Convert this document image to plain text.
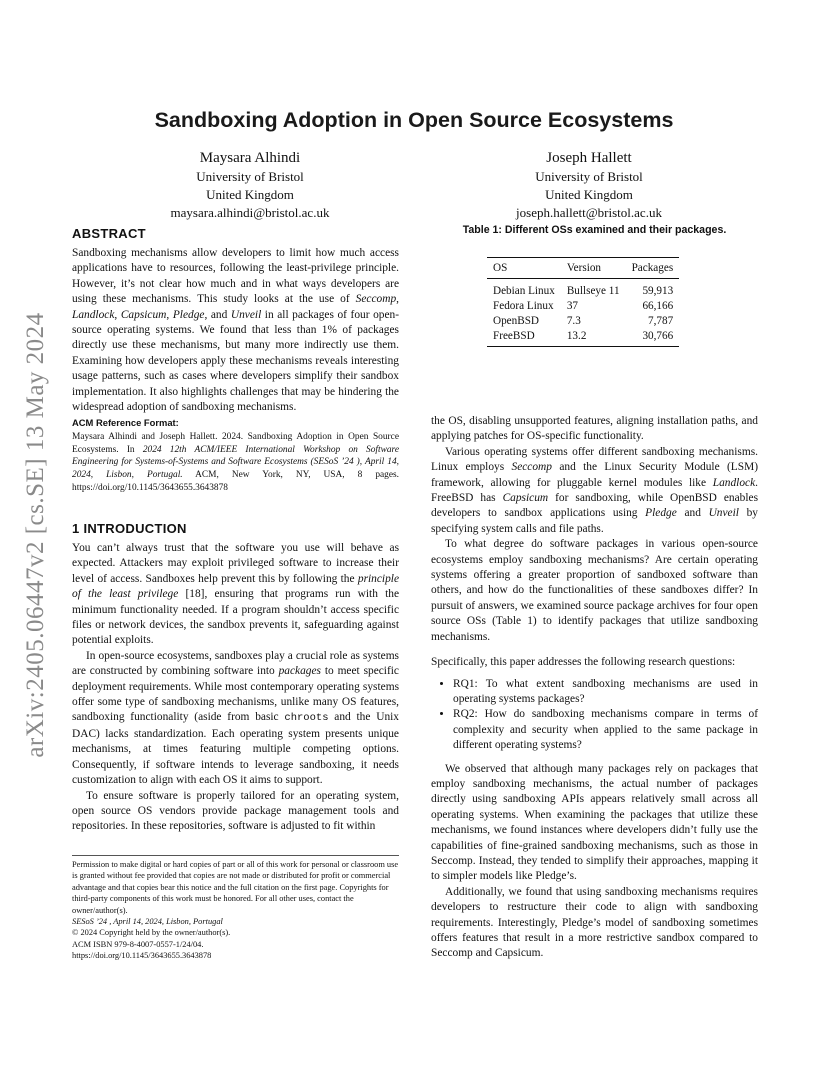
arXiv:2405.06447v2 [cs.SE] 13 May 2024
Sandboxing Adoption in Open Source Ecosystems
Maysara Alhindi
University of Bristol
United Kingdom
maysara.alhindi@bristol.ac.uk
Joseph Hallett
University of Bristol
United Kingdom
joseph.hallett@bristol.ac.uk
ABSTRACT

Sandboxing mechanisms allow developers to limit how much access applications have to resources, following the least-privilege principle. However, it’s not clear how much and in what ways developers are using these mechanisms. This study looks at the use of Seccomp, Landlock, Capsicum, Pledge, and Unveil in all packages of four open-source operating systems. We found that less than 1% of packages directly use these mechanisms, but many more indirectly use them. Examining how developers apply these mechanisms reveals interesting usage patterns, such as cases where developers simplify their sandbox implementation. It also highlights challenges that may be hindering the widespread adoption of sandboxing mechanisms.

ACM Reference Format:

Maysara Alhindi and Joseph Hallett. 2024. Sandboxing Adoption in Open Source Ecosystems. In 2024 12th ACM/IEEE International Workshop on Software Engineering for Systems-of-Systems and Software Ecosystems (SESoS ’24 ), April 14, 2024, Lisbon, Portugal. ACM, New York, NY, USA, 8 pages. https://doi.org/10.1145/3643655.3643878

1 INTRODUCTION

You can’t always trust that the software you use will behave as expected. Attackers may exploit privileged software to increase their level of access. Sandboxes help prevent this by following the principle of the least privilege [18], ensuring that programs run with the minimum functionality needed. If a program shouldn’t access specific files or network devices, the sandbox prevents it, safeguarding against potential exploits.

In open-source ecosystems, sandboxes play a crucial role as systems are constructed by combining software into packages to meet specific deployment requirements. While most contemporary operating systems offer some type of sandboxing mechanisms, unlike many OS features, sandboxing functionality (aside from basic chroots and the Unix DAC) lacks standardization. Each operating system presents unique mechanisms, at times featuring multiple competing options. Consequently, if software intends to leverage sandboxing, it needs customization to align with each OS it aims to support.

To ensure software is properly tailored for an operating system, open source OS vendors provide package management tools and repositories. In these repositories, software is adjusted to fit within

Permission to make digital or hard copies of part or all of this work for personal or classroom use is granted without fee provided that copies are not made or distributed for profit or commercial advantage and that copies bear this notice and the full citation on the first page. Copyrights for third-party components of this work must be honored. For all other uses, contact the owner/author(s).
SESoS ’24 , April 14, 2024, Lisbon, Portugal
© 2024 Copyright held by the owner/author(s).
ACM ISBN 979-8-4007-0557-1/24/04.
https://doi.org/10.1145/3643655.3643878
Table 1: Different OSs examined and their packages.
OS	Version	Packages
Debian Linux	Bullseye 11	59,913
Fedora Linux	37	66,166
OpenBSD	7.3	7,787
FreeBSD	13.2	30,766

the OS, disabling unsupported features, aligning installation paths, and applying patches for OS-specific functionality.

Various operating systems offer different sandboxing mechanisms. Linux employs Seccomp and the Linux Security Module (LSM) framework, allowing for pluggable kernel modules like Landlock. FreeBSD has Capsicum for sandboxing, while OpenBSD enables developers to sandbox applications using Pledge and Unveil by specifying system calls and file paths.

To what degree do software packages in various open-source ecosystems employ sandboxing mechanisms? Are certain operating systems offering a greater proportion of sandboxed software than others, and how do the functionalities of these sandboxes differ? In pursuit of answers, we examined source package archives for four open source OSs (Table 1) to identify packages that utilize sandboxing mechanisms.

Specifically, this paper addresses the following research questions:

• RQ1: To what extent sandboxing mechanisms are used in operating systems packages?
• RQ2: How do sandboxing mechanisms compare in terms of complexity and security when applied to the same package in different operating systems?

We observed that although many packages rely on packages that employ sandboxing mechanisms, the actual number of packages directly using sandboxing APIs appears relatively small across all operating systems. When examining the packages that utilize these mechanisms, we found instances where developers didn’t fully use the capabilities of fine-grained sandboxing mechanisms, such as those in Seccomp. Instead, they tended to simplify their approaches, mapping it to simpler models like Pledge’s.

Additionally, we found that using sandboxing mechanisms requires developers to restructure their code to align with sandboxing requirements. Interestingly, Pledge’s model of sandboxing sometimes offers features that result in a more restrictive sandbox compared to Seccomp and Capsicum.
